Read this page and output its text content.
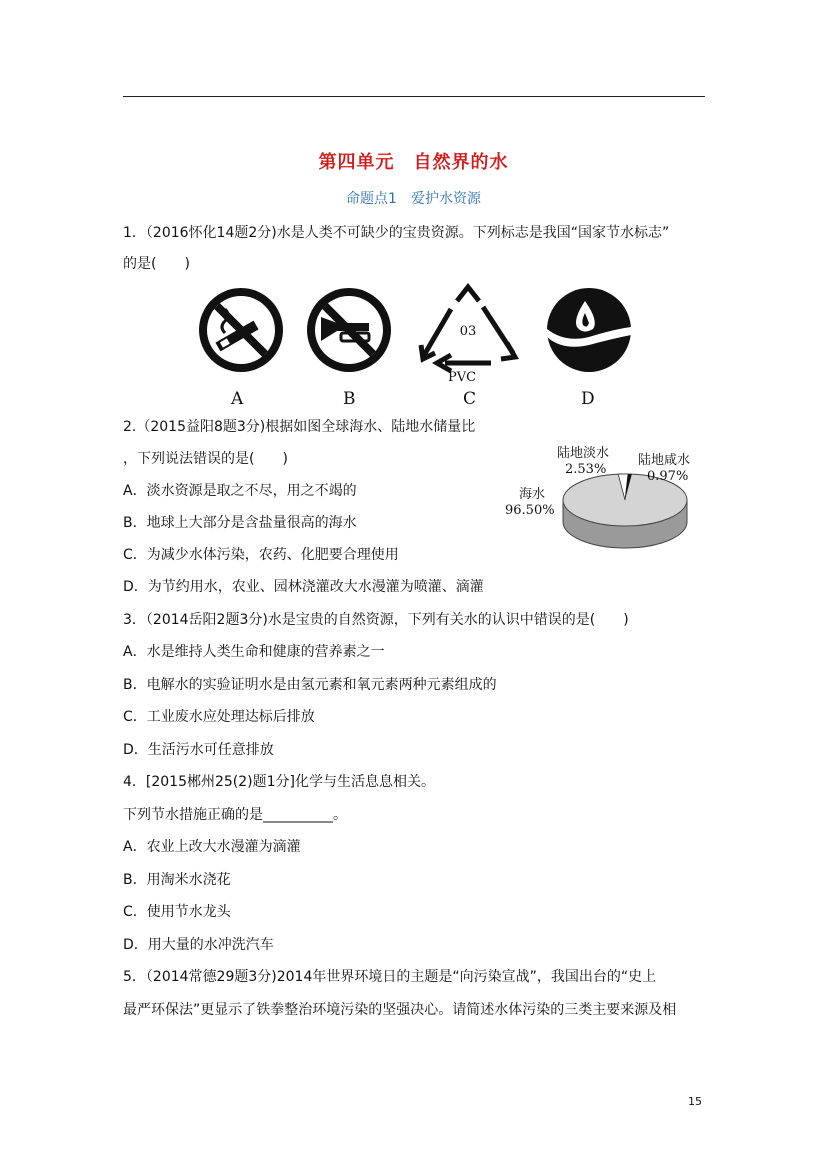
第四单元　自然界的水
命题点1　爱护水资源
1．（2016怀化14题2分)水是人类不可缺少的宝贵资源。下列标志是我国“国家节水标志”
的是(　　)
03
PVC
A	B	C	D
2.（2015益阳8题3分)根据如图全球海水、陆地水储量比
，下列说法错误的是(　　)
A．淡水资源是取之不尽，用之不竭的
B．地球上大部分是含盐量很高的海水
C．为减少水体污染，农药、化肥要合理使用
D．为节约用水，农业、园林浇灌改大水漫灌为喷灌、滴灌
陆地淡水
2.53%
陆地咸水
0.97%
海水
96.50%
3．（2014岳阳2题3分)水是宝贵的自然资源，下列有关水的认识中错误的是(　　)
A．水是维持人类生命和健康的营养素之一
B．电解水的实验证明水是由氢元素和氧元素两种元素组成的
C．工业废水应处理达标后排放
D．生活污水可任意排放
4．[2015郴州25(2)题1分]化学与生活息息相关。
下列节水措施正确的是__________。
A．农业上改大水漫灌为滴灌
B．用淘米水浇花
C．使用节水龙头
D．用大量的水冲洗汽车
5．（2014常德29题3分)2014年世界环境日的主题是“向污染宣战”，我国出台的“史上
最严环保法”更显示了铁拳整治环境污染的坚强决心。请简述水体污染的三类主要来源及相
15
